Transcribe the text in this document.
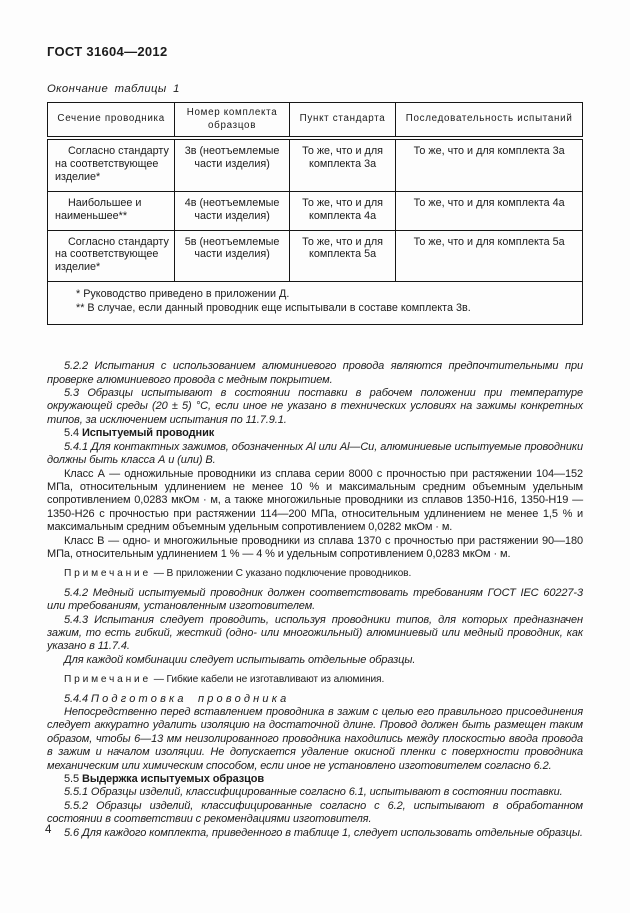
ГОСТ 31604—2012
Окончание таблицы 1
Сечение проводника	Номер комплекта образцов	Пункт стандарта	Последовательность испытаний
Согласно стандарту на соответствующее изделие*	3в (неотъемлемые части изделия)	То же, что и для комплекта 3а	То же, что и для комплекта 3а
Наибольшее и наименьшее**	4в (неотъемлемые части изделия)	То же, что и для комплекта 4а	То же, что и для комплекта 4а
Согласно стандарту на соответствующее изделие*	5в (неотъемлемые части изделия)	То же, что и для комплекта 5а	То же, что и для комплекта 5а

* Руководство приведено в приложении Д.
** В случае, если данный проводник еще испытывали в составе комплекта 3в.			

5.2.2 Испытания с использованием алюминиевого провода являются предпочтительными при проверке алюминиевого провода с медным покрытием.

5.3 Образцы испытывают в состоянии поставки в рабочем положении при температуре окружающей среды (20 ± 5) °С, если иное не указано в технических условиях на зажимы конкретных типов, за исключением испытания по 11.7.9.1.

5.4 Испытуемый проводник

5.4.1 Для контактных зажимов, обозначенных Al или Al—Cu, алюминиевые испытуемые проводники должны быть класса А и (или) В.

Класс А — одножильные проводники из сплава серии 8000 с прочностью при растяжении 104—152 МПа, относительным удлинением не менее 10 % и максимальным средним объемным удельным сопротивлением 0,0283 мкОм · м, а также многожильные проводники из сплавов 1350-Н16, 1350-Н19 — 1350-Н26 с прочностью при растяжении 114—200 МПа, относительным удлинением не менее 1,5 % и максимальным средним объемным удельным сопротивлением 0,0282 мкОм · м.

Класс В — одно- и многожильные проводники из сплава 1370 с прочностью при растяжении 90—180 МПа, относительным удлинением 1 % — 4 % и удельным сопротивлением 0,0283 мкОм · м.

Примечание — В приложении С указано подключение проводников.

5.4.2 Медный испытуемый проводник должен соответствовать требованиям ГОСТ IEC 60227-3 или требованиям, установленным изготовителем.

5.4.3 Испытания следует проводить, используя проводники типов, для которых предназначен зажим, то есть гибкий, жесткий (одно- или многожильный) алюминиевый или медный проводник, как указано в 11.7.4.

Для каждой комбинации следует испытывать отдельные образцы.

Примечание — Гибкие кабели не изготавливают из алюминия.

5.4.4 Подготовка проводника

Непосредственно перед вставлением проводника в зажим с целью его правильного присоединения следует аккуратно удалить изоляцию на достаточной длине. Провод должен быть размещен таким образом, чтобы 6—13 мм неизолированного проводника находились между плоскостью ввода провода в зажим и началом изоляции. Не допускается удаление окисной пленки с поверхности проводника механическим или химическим способом, если иное не установлено изготовителем согласно 6.2.

5.5 Выдержка испытуемых образцов

5.5.1 Образцы изделий, классифицированные согласно 6.1, испытывают в состоянии поставки.

5.5.2 Образцы изделий, классифицированные согласно с 6.2, испытывают в обработанном состоянии в соответствии с рекомендациями изготовителя.

5.6 Для каждого комплекта, приведенного в таблице 1, следует использовать отдельные образцы.

4
